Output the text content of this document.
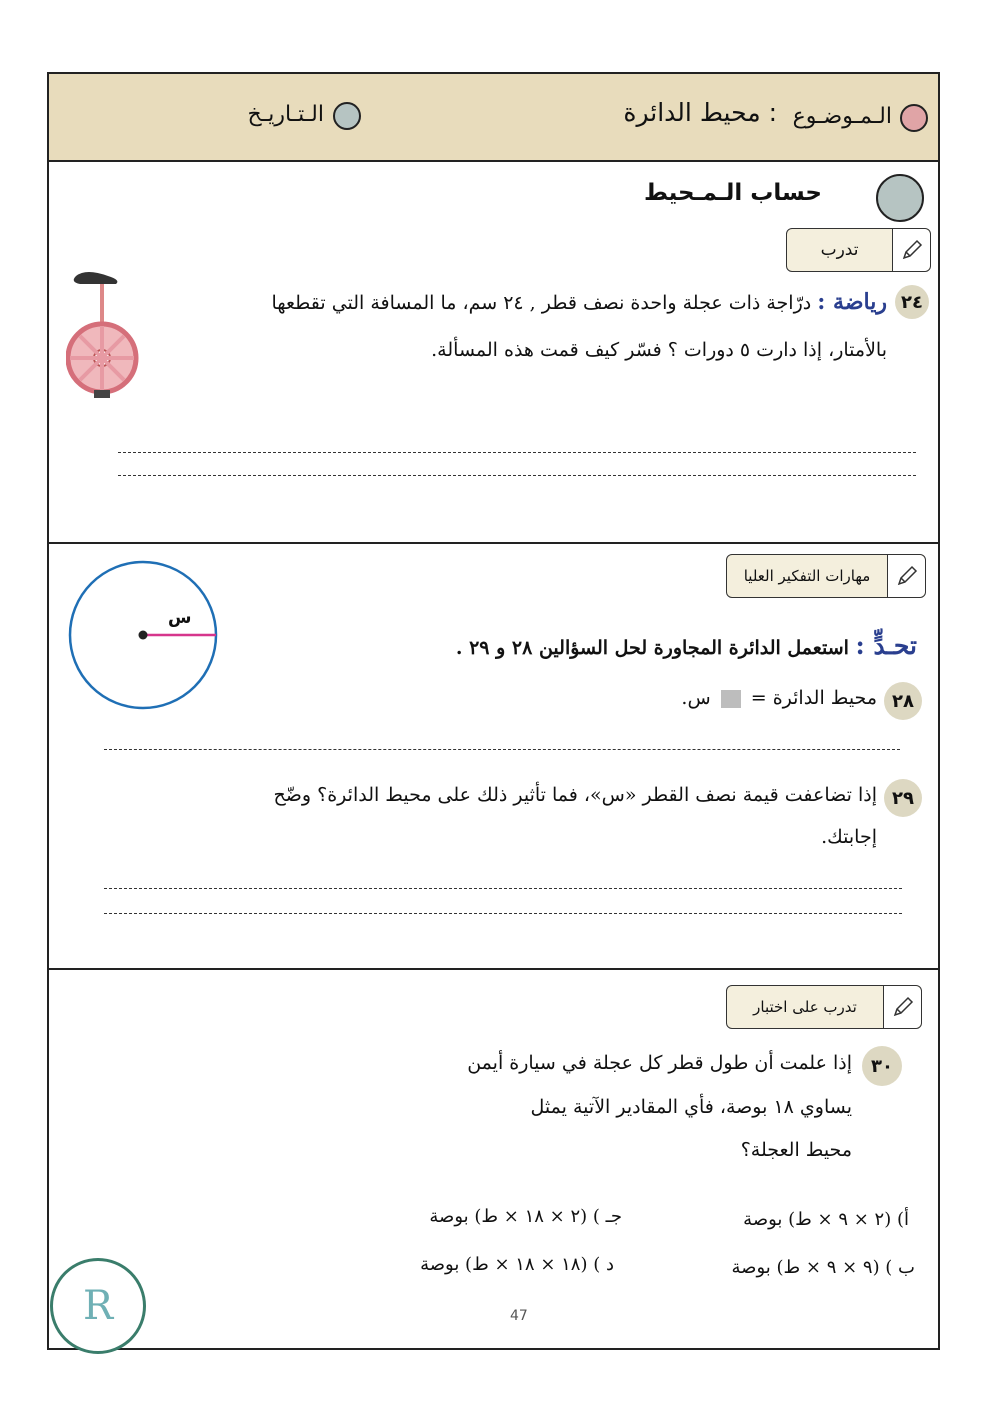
الـمـوضـوع
: محيط الدائرة
الـتـاريـخ
حساب الـمـحيط
تدرب
٢٤
رياضة : درّاجة ذات عجلة واحدة نصف قطر , ٢٤ سم، ما المسافة التي تقطعها
بالأمتار، إذا دارت ٥ دورات ؟ فسّر كيف قمت هذه المسألة.
مهارات التفكير العليا
س
تحـدٍّ : استعمل الدائرة المجاورة لحل السؤالين ٢٨ و ٢٩ .
٢٨
محيط الدائرة =  س.
٢٩
إذا تضاعفت قيمة نصف القطر «س»، فما تأثير ذلك على محيط الدائرة؟ وضّح
إجابتك.
تدرب على اختبار
٣٠
إذا علمت أن طول قطر كل عجلة في سيارة أيمن
يساوي ١٨ بوصة، فأي المقادير الآتية يمثل
محيط العجلة؟
أ) (٢ × ٩ × ط) بوصة
جـ ) (٢ × ١٨ × ط) بوصة
ب ) (٩ × ٩ × ط) بوصة
د ) (١٨ × ١٨ × ط) بوصة
R	47
